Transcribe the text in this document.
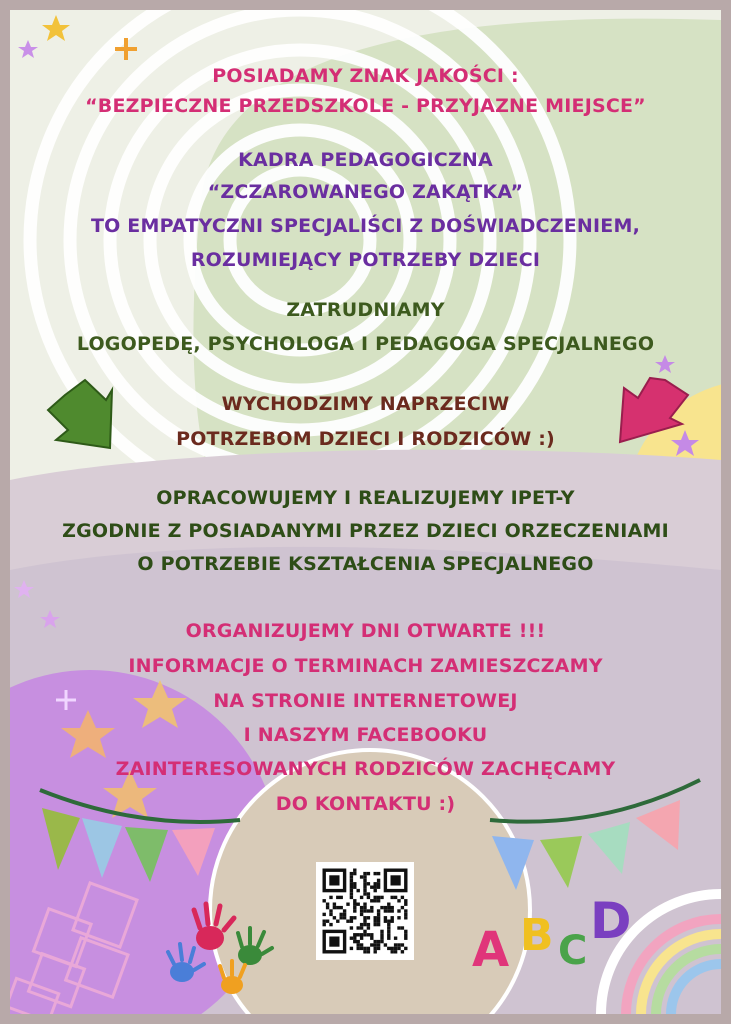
POSIADAMY ZNAK JAKOŚCI :
“BEZPIECZNE PRZEDSZKOLE - PRZYJAZNE MIEJSCE”
KADRA PEDAGOGICZNA
“ZCZAROWANEGO ZAKĄTKA”
TO EMPATYCZNI SPECJALIŚCI Z DOŚWIADCZENIEM,
ROZUMIEJĄCY POTRZEBY DZIECI
ZATRUDNIAMY
LOGOPEDĘ, PSYCHOLOGA I PEDAGOGA SPECJALNEGO
WYCHODZIMY NAPRZECIW
POTRZEBOM DZIECI I RODZICÓW :)
OPRACOWUJEMY I REALIZUJEMY IPET-Y
ZGODNIE Z POSIADANYMI PRZEZ DZIECI ORZECZENIAMI
O POTRZEBIE KSZTAŁCENIA SPECJALNEGO
ORGANIZUJEMY DNI OTWARTE !!!
INFORMACJE O TERMINACH ZAMIESZCZAMY
NA STRONIE INTERNETOWEJ
I NASZYM FACEBOOKU
ZAINTERESOWANYCH RODZICÓW ZACHĘCAMY
DO KONTAKTU :)
A B C
D
